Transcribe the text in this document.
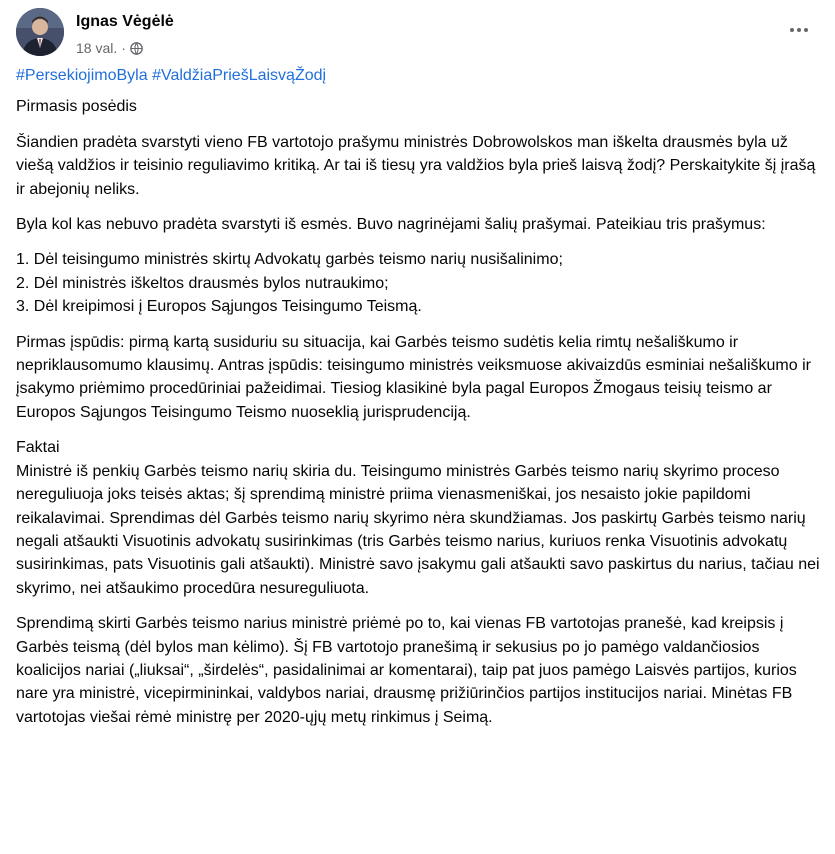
Ignas Vėgėlė
18 val. ·
#PersekiojimoByla #ValdžiaPriešLaisvąŽodį

Pirmasis posėdis

Šiandien pradėta svarstyti vieno FB vartotojo prašymu ministrės Dobrowolskos man iškelta drausmės byla už viešą valdžios ir teisinio reguliavimo kritiką. Ar tai iš tiesų yra valdžios byla prieš laisvą žodį? Perskaitykite šį įrašą ir abejonių neliks.

Byla kol kas nebuvo pradėta svarstyti iš esmės. Buvo nagrinėjami šalių prašymai. Pateikiau tris prašymus:

1. Dėl teisingumo ministrės skirtų Advokatų garbės teismo narių nusišalinimo;
2. Dėl ministrės iškeltos drausmės bylos nutraukimo;
3. Dėl kreipimosi į Europos Sąjungos Teisingumo Teismą.

Pirmas įspūdis: pirmą kartą susiduriu su situacija, kai Garbės teismo sudėtis kelia rimtų nešališkumo ir nepriklausomumo klausimų. Antras įspūdis: teisingumo ministrės veiksmuose akivaizdūs esminiai nešališkumo ir įsakymo priėmimo procedūriniai pažeidimai. Tiesiog klasikinė byla pagal Europos Žmogaus teisių teismo ar Europos Sąjungos Teisingumo Teismo nuoseklią jurisprudenciją.

Faktai

Ministrė iš penkių Garbės teismo narių skiria du. Teisingumo ministrės Garbės teismo narių skyrimo proceso nereguliuoja joks teisės aktas; šį sprendimą ministrė priima vienasmeniškai, jos nesaisto jokie papildomi reikalavimai. Sprendimas dėl Garbės teismo narių skyrimo nėra skundžiamas. Jos paskirtų Garbės teismo narių negali atšaukti Visuotinis advokatų susirinkimas (tris Garbės teismo narius, kuriuos renka Visuotinis advokatų susirinkimas, pats Visuotinis gali atšaukti). Ministrė savo įsakymu gali atšaukti savo paskirtus du narius, tačiau nei skyrimo, nei atšaukimo procedūra nesureguliuota.

Sprendimą skirti Garbės teismo narius ministrė priėmė po to, kai vienas FB vartotojas pranešė, kad kreipsis į Garbės teismą (dėl bylos man kėlimo). Šį FB vartotojo pranešimą ir sekusius po jo pamėgo valdančiosios koalicijos nariai („liuksai“, „širdelės“, pasidalinimai ar komentarai), taip pat juos pamėgo Laisvės partijos, kurios nare yra ministrė, vicepirmininkai, valdybos nariai, drausmę prižiūrinčios partijos institucijos nariai. Minėtas FB vartotojas viešai rėmė ministrę per 2020-ųjų metų rinkimus į Seimą.
